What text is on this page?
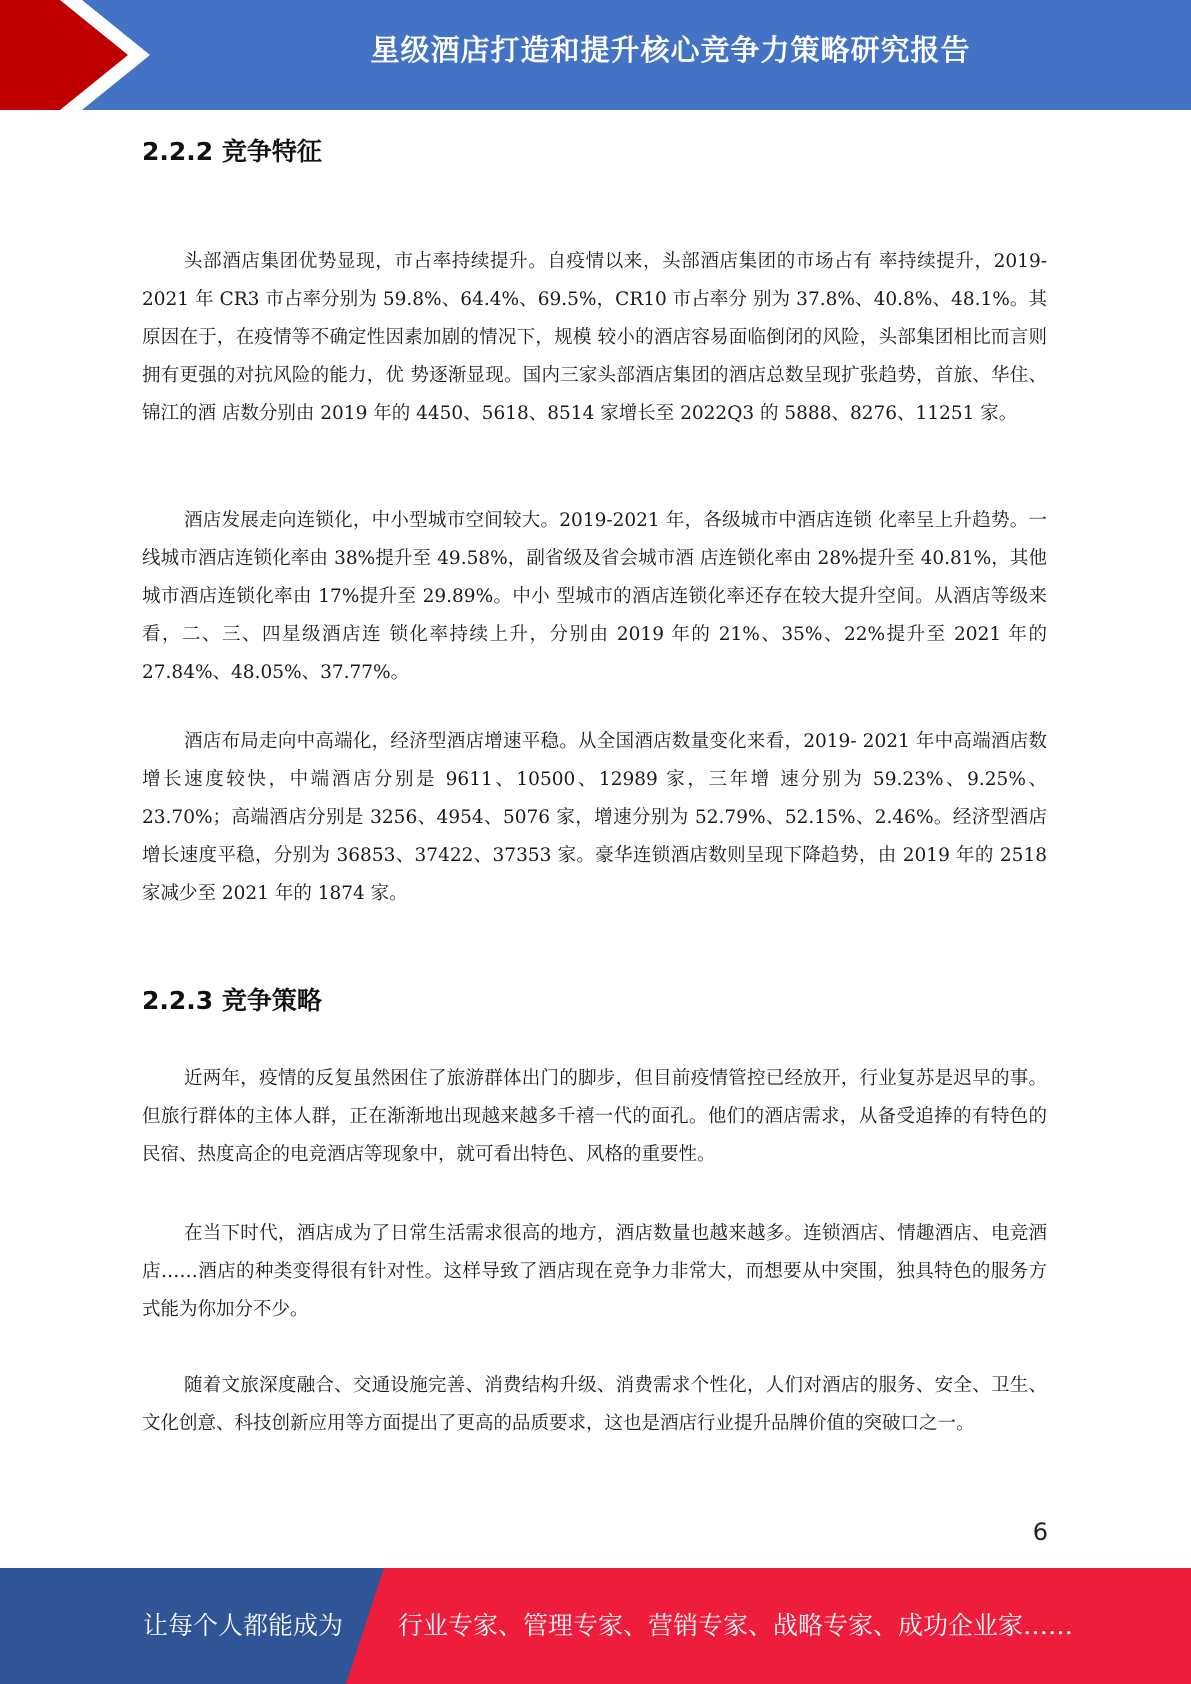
星级酒店打造和提升核心竞争力策略研究报告
2.2.2 竞争特征

头部酒店集团优势显现，市占率持续提升。自疫情以来，头部酒店集团的市场占有 率持续提升，2019-2021 年 CR3 市占率分别为 59.8%、64.4%、69.5%，CR10 市占率分 别为 37.8%、40.8%、48.1%。其原因在于，在疫情等不确定性因素加剧的情况下，规模 较小的酒店容易面临倒闭的风险，头部集团相比而言则拥有更强的对抗风险的能力，优 势逐渐显现。国内三家头部酒店集团的酒店总数呈现扩张趋势，首旅、华住、锦江的酒 店数分别由 2019 年的 4450、5618、8514 家增长至 2022Q3 的 5888、8276、11251 家。

酒店发展走向连锁化，中小型城市空间较大。2019-2021 年，各级城市中酒店连锁 化率呈上升趋势。一线城市酒店连锁化率由 38%提升至 49.58%，副省级及省会城市酒 店连锁化率由 28%提升至 40.81%，其他城市酒店连锁化率由 17%提升至 29.89%。中小 型城市的酒店连锁化率还存在较大提升空间。从酒店等级来看，二、三、四星级酒店连 锁化率持续上升，分别由 2019 年的 21%、35%、22%提升至 2021 年的 27.84%、48.05%、37.77%。

酒店布局走向中高端化，经济型酒店增速平稳。从全国酒店数量变化来看，2019- 2021 年中高端酒店数增长速度较快，中端酒店分别是 9611、10500、12989 家，三年增 速分别为 59.23%、9.25%、23.70%；高端酒店分别是 3256、4954、5076 家，增速分别为 52.79%、52.15%、2.46%。经济型酒店增长速度平稳，分别为 36853、37422、37353 家。豪华连锁酒店数则呈现下降趋势，由 2019 年的 2518 家减少至 2021 年的 1874 家。

2.2.3 竞争策略

近两年，疫情的反复虽然困住了旅游群体出门的脚步，但目前疫情管控已经放开，行业复苏是迟早的事。但旅行群体的主体人群，正在渐渐地出现越来越多千禧一代的面孔。他们的酒店需求，从备受追捧的有特色的民宿、热度高企的电竞酒店等现象中，就可看出特色、风格的重要性。

在当下时代，酒店成为了日常生活需求很高的地方，酒店数量也越来越多。连锁酒店、情趣酒店、电竞酒店……酒店的种类变得很有针对性。这样导致了酒店现在竞争力非常大，而想要从中突围，独具特色的服务方式能为你加分不少。

随着文旅深度融合、交通设施完善、消费结构升级、消费需求个性化，人们对酒店的服务、安全、卫生、文化创意、科技创新应用等方面提出了更高的品质要求，这也是酒店行业提升品牌价值的突破口之一。

6
让每个人都能成为 行业专家、管理专家、营销专家、战略专家、成功企业家……
